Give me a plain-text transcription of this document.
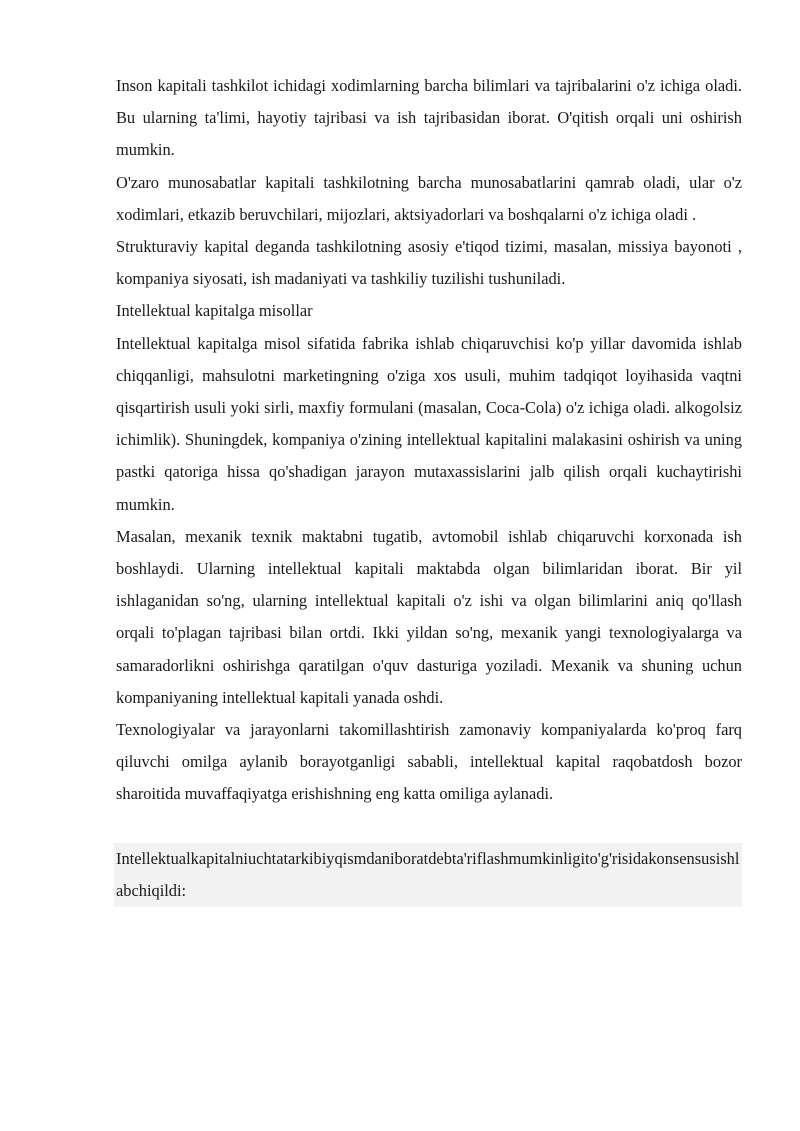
Inson kapitali tashkilot ichidagi xodimlarning barcha bilimlari va tajribalarini o'z ichiga oladi. Bu ularning ta'limi, hayotiy tajribasi va ish tajribasidan iborat. O'qitish orqali uni oshirish mumkin.

O'zaro munosabatlar kapitali tashkilotning barcha munosabatlarini qamrab oladi, ular o'z xodimlari, etkazib beruvchilari, mijozlari, aktsiyadorlari va boshqalarni o'z ichiga oladi .

Strukturaviy kapital deganda tashkilotning asosiy e'tiqod tizimi, masalan, missiya bayonoti , kompaniya siyosati, ish madaniyati va tashkiliy tuzilishi tushuniladi.

Intellektual kapitalga misollar

Intellektual kapitalga misol sifatida fabrika ishlab chiqaruvchisi ko'p yillar davomida ishlab chiqqanligi, mahsulotni marketingning o'ziga xos usuli, muhim tadqiqot loyihasida vaqtni qisqartirish usuli yoki sirli, maxfiy formulani (masalan, Coca-Cola) o'z ichiga oladi. alkogolsiz ichimlik). Shuningdek, kompaniya o'zining intellektual kapitalini malakasini oshirish va uning pastki qatoriga hissa qo'shadigan jarayon mutaxassislarini jalb qilish orqali kuchaytirishi mumkin.

Masalan, mexanik texnik maktabni tugatib, avtomobil ishlab chiqaruvchi korxonada ish boshlaydi. Ularning intellektual kapitali maktabda olgan bilimlaridan iborat. Bir yil ishlaganidan so'ng, ularning intellektual kapitali o'z ishi va olgan bilimlarini aniq qo'llash orqali to'plagan tajribasi bilan ortdi. Ikki yildan so'ng, mexanik yangi texnologiyalarga va samaradorlikni oshirishga qaratilgan o'quv dasturiga yoziladi. Mexanik va shuning uchun kompaniyaning intellektual kapitali yanada oshdi.

Texnologiyalar va jarayonlarni takomillashtirish zamonaviy kompaniyalarda ko'proq farq qiluvchi omilga aylanib borayotganligi sababli, intellektual kapital raqobatdosh bozor sharoitida muvaffaqiyatga erishishning eng katta omiliga aylanadi.

Intellektualkapitalniuchtatarkibiyqismdaniboratdebta'riflashmumkinligito'g'risidakonsensusishlabchiqildi:
